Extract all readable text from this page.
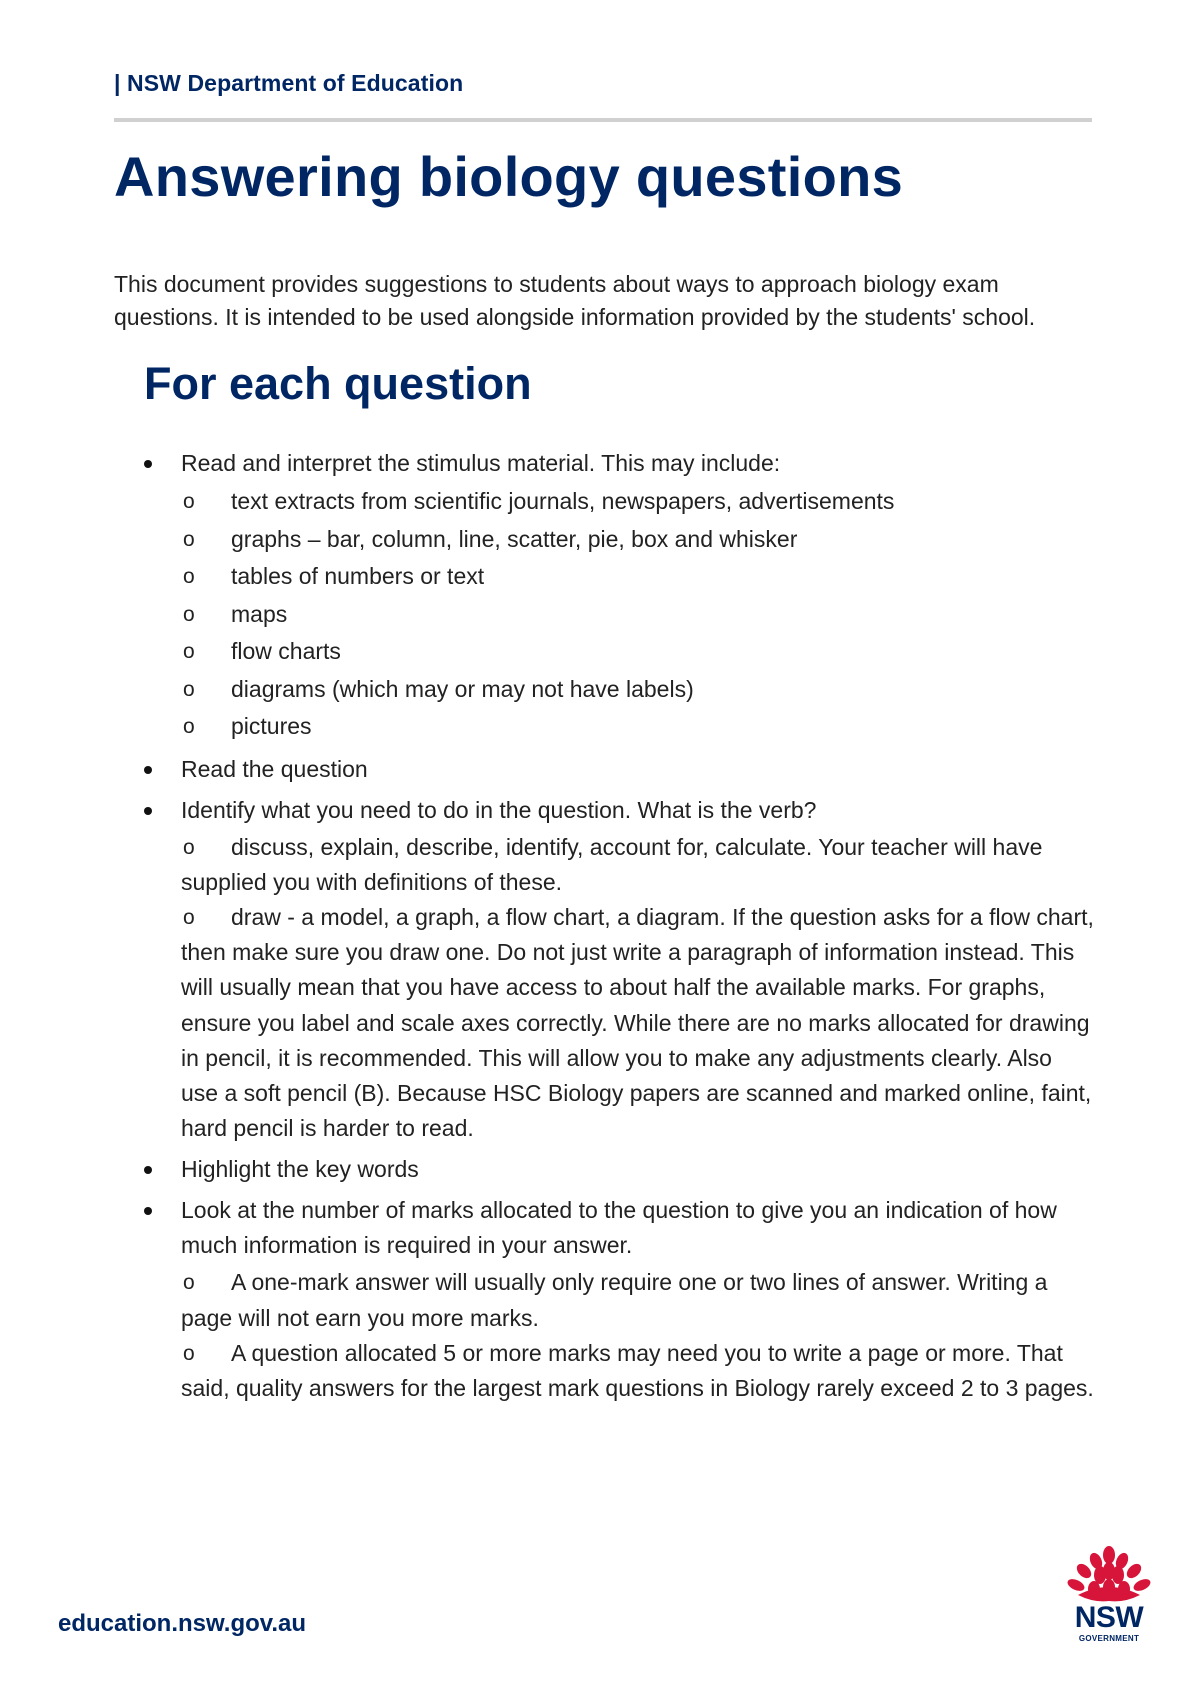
| NSW Department of Education
Answering biology questions

This document provides suggestions to students about ways to approach biology exam questions. It is intended to be used alongside information provided by the students' school.

For each question
Read and interpret the stimulus material. This may include:
o text extracts from scientific journals, newspapers, advertisements
o graphs – bar, column, line, scatter, pie, box and whisker
o tables of numbers or text
o maps
o flow charts
o diagrams (which may or may not have labels)
o pictures
Read the question
Identify what you need to do in the question. What is the verb?
o discuss, explain, describe, identify, account for, calculate. Your teacher will have supplied you with definitions of these.
o draw - a model, a graph, a flow chart, a diagram. If the question asks for a flow chart, then make sure you draw one. Do not just write a paragraph of information instead. This will usually mean that you have access to about half the available marks. For graphs, ensure you label and scale axes correctly. While there are no marks allocated for drawing in pencil, it is recommended. This will allow you to make any adjustments clearly. Also use a soft pencil (B). Because HSC Biology papers are scanned and marked online, faint, hard pencil is harder to read.
Highlight the key words
Look at the number of marks allocated to the question to give you an indication of how much information is required in your answer.
o A one-mark answer will usually only require one or two lines of answer. Writing a page will not earn you more marks.
o A question allocated 5 or more marks may need you to write a page or more. That said, quality answers for the largest mark questions in Biology rarely exceed 2 to 3 pages.
education.nsw.gov.au	NSW
GOVERNMENT
